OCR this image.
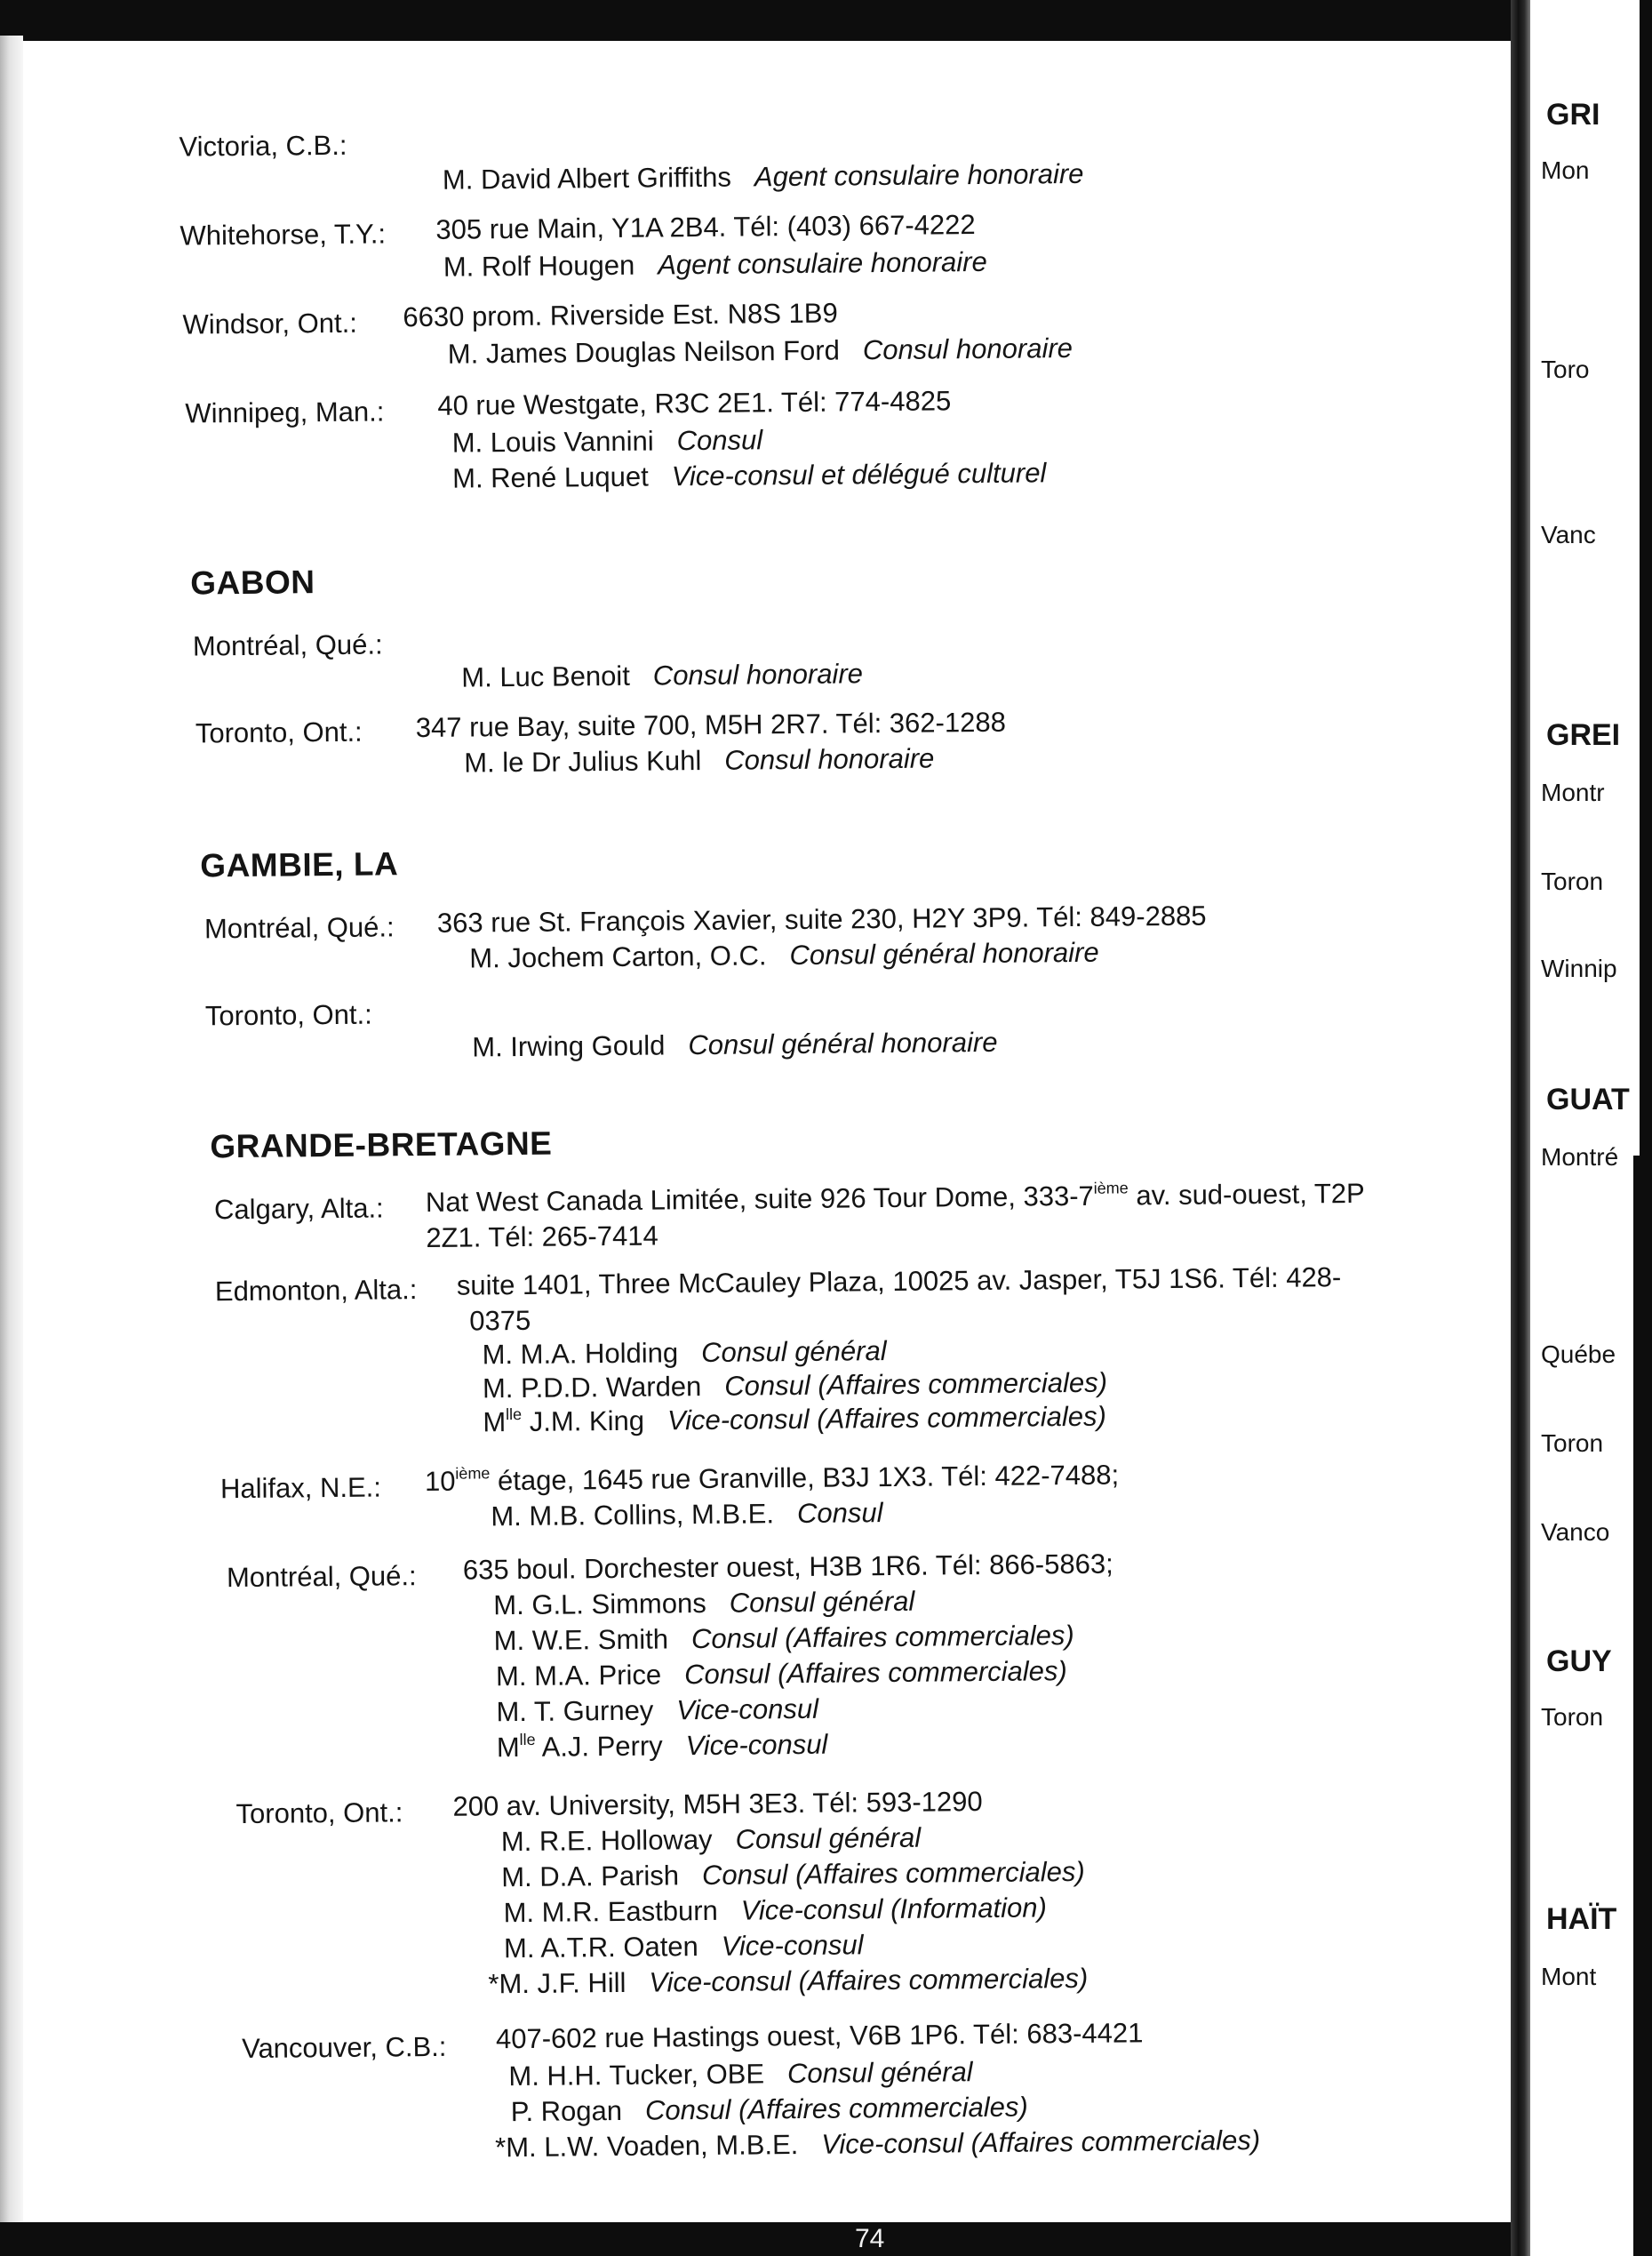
Victoria, C.B.:
M. David Albert Griffiths Agent consulaire honoraire
Whitehorse, T.Y.: 305 rue Main, Y1A 2B4. Tél: (403) 667-4222
M. Rolf Hougen Agent consulaire honoraire
Windsor, Ont.: 6630 prom. Riverside Est. N8S 1B9
M. James Douglas Neilson Ford Consul honoraire
Winnipeg, Man.: 40 rue Westgate, R3C 2E1. Tél: 774-4825
M. Louis Vannini Consul
M. René Luquet Vice-consul et délégué culturel
GABON
Montréal, Qué.:
M. Luc Benoit Consul honoraire
Toronto, Ont.: 347 rue Bay, suite 700, M5H 2R7. Tél: 362-1288
M. le Dr Julius Kuhl Consul honoraire
GAMBIE, LA
Montréal, Qué.: 363 rue St. François Xavier, suite 230, H2Y 3P9. Tél: 849-2885
M. Jochem Carton, O.C. Consul général honoraire
Toronto, Ont.:
M. Irwing Gould Consul général honoraire
GRANDE-BRETAGNE
Calgary, Alta.: Nat West Canada Limitée, suite 926 Tour Dome, 333-7ième av. sud-ouest, T2P
2Z1. Tél: 265-7414
Edmonton, Alta.: suite 1401, Three McCauley Plaza, 10025 av. Jasper, T5J 1S6. Tél: 428-
0375
M. M.A. Holding Consul général
M. P.D.D. Warden Consul (Affaires commerciales)
$M^{lle}$ J.M. King Vice-consul (Affaires commerciales)
Halifax, N.E.: 10ième étage, 1645 rue Granville, B3J 1X3. Tél: 422-7488;
M. M.B. Collins, M.B.E. Consul
Montréal, Qué.: 635 boul. Dorchester ouest, H3B 1R6. Tél: 866-5863;
M. G.L. Simmons Consul général
M. W.E. Smith Consul (Affaires commerciales)
M. M.A. Price Consul (Affaires commerciales)
M. T. Gurney Vice-consul
$M^{lle}$ A.J. Perry Vice-consul
Toronto, Ont.: 200 av. University, M5H 3E3. Tél: 593-1290
M. R.E. Holloway Consul général
M. D.A. Parish Consul (Affaires commerciales)
M. M.R. Eastburn Vice-consul (Information)
M. A.T.R. Oaten Vice-consul
*M. J.F. Hill Vice-consul (Affaires commerciales)
Vancouver, C.B.: 407-602 rue Hastings ouest, V6B 1P6. Tél: 683-4421
M. H.H. Tucker, OBE Consul général
P. Rogan Consul (Affaires commerciales)
*M. L.W. Voaden, M.B.E. Vice-consul (Affaires commerciales)
74
GRI
Mon
Toro
Vanc
GREI
Montr
Toron
Winnip
GUAT
Montré
Québe
Toron
Vanco
GUY
Toron
HAÏT
Mont
